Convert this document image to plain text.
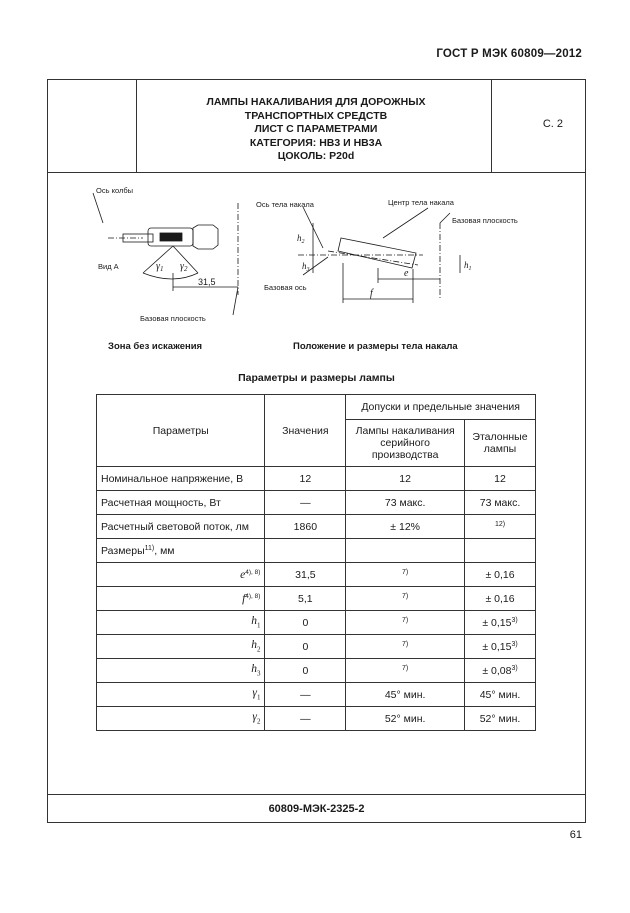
ГОСТ Р МЭК 60809—2012
ЛАМПЫ НАКАЛИВАНИЯ ДЛЯ ДОРОЖНЫХ
ТРАНСПОРТНЫХ СРЕДСТВ
ЛИСТ С ПАРАМЕТРАМИ
КАТЕГОРИЯ: НВ3 И НВ3А
ЦОКОЛЬ: Р20d
С. 2
Ось колбы
Вид А	$\gamma_1$ $\gamma_2$
31,5
Базовая плоскость
Ось тела накала	Центр тела накала
Базовая плоскость
Базовая ось
$h_2$
$h_3$	$h_1$
e
f
Зона без искажения	Положение и размеры тела накала
Параметры и размеры лампы
Параметры	Значения	Допуски и предельные значения	
		Лампы накаливания серийного производства	Эталонные лампы
Номинальное напряжение, В	12	12	12
Расчетная мощность, Вт	—	73 макс.	73 макс.
Расчетный световой поток, лм	1860	± 12%	$^{12)}$
Размеры$^{11)}$, мм			
$e^{4), 8)}$	31,5	$^{7)}$	± 0,16
$f^{4), 8)}$	5,1	$^{7)}$	± 0,16
$h_1$	0	$^{7)}$	± $0,15^{3)}$
$h_2$	0	$^{7)}$	± $0,15^{3)}$
$h_3$	0	$^{7)}$	± $0,08^{3)}$
$\gamma_1$	—	45° мин.	45° мин.
$\gamma_2$	—	52° мин.	52° мин.
60809-МЭК-2325-2
61
